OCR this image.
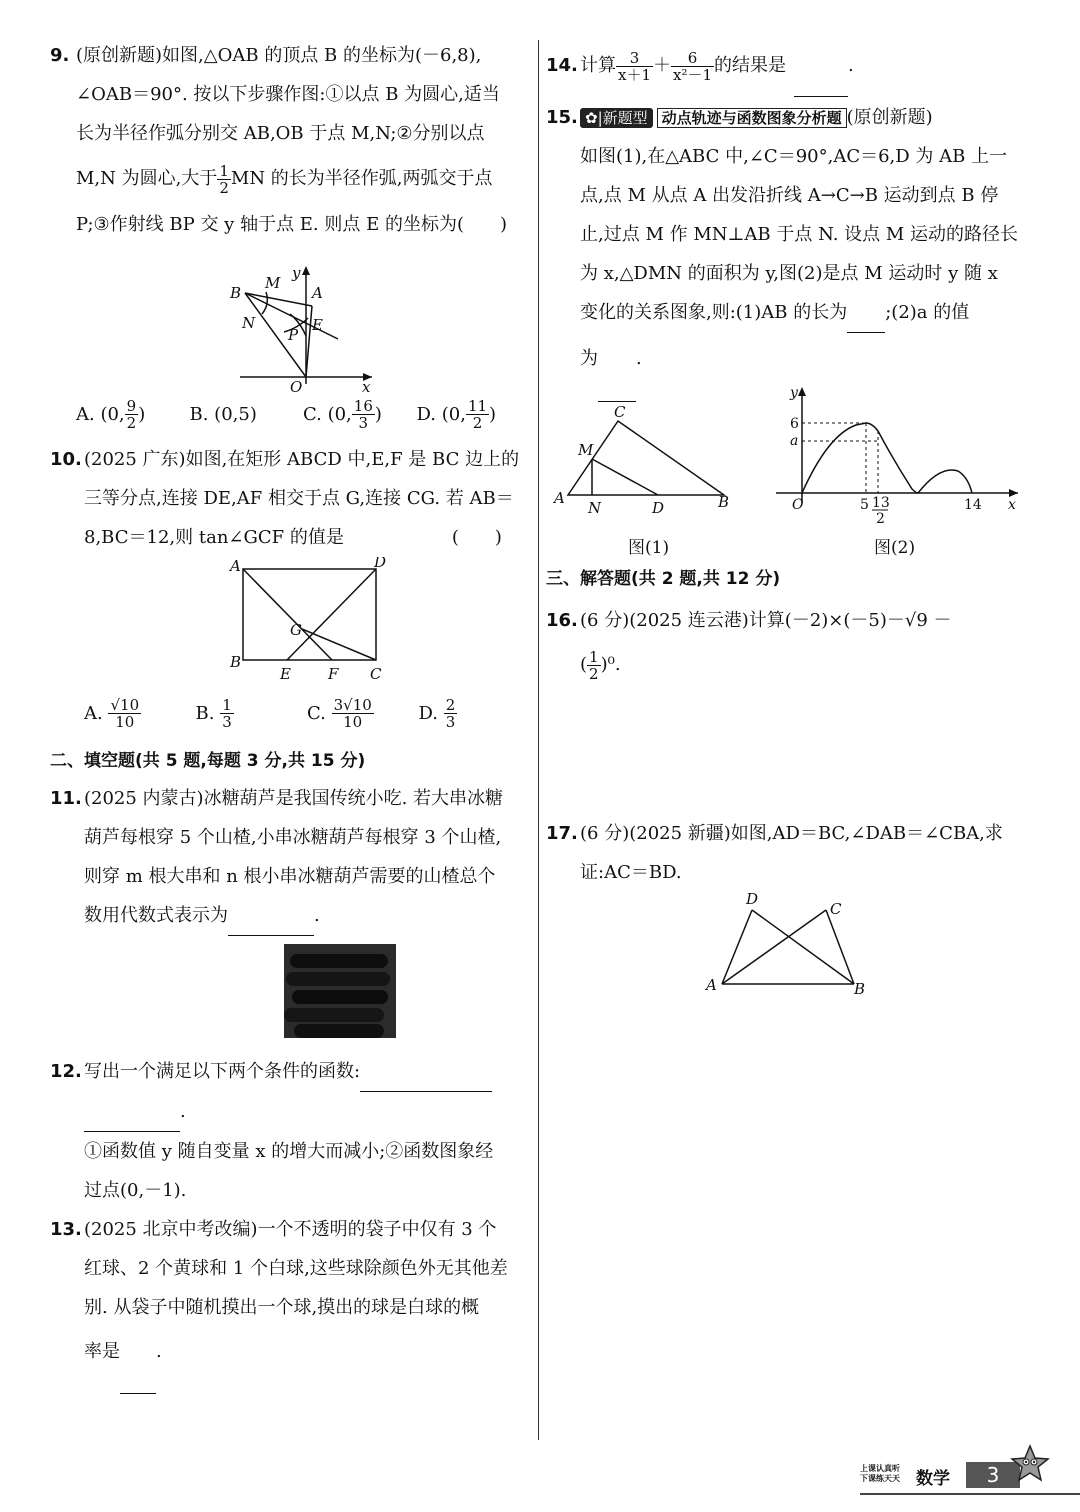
9. (原创新题)如图,△OAB 的顶点 B 的坐标为(－6,8),
∠OAB＝90°. 按以下步骤作图:①以点 B 为圆心,适当
长为半径作弧分别交 AB,OB 于点 M,N;②分别以点
M,N 为圆心,大于 $\frac{1}{2}$ MN 的长为半径作弧,两弧交于点
P;③作射线 BP 交 y 轴于点 E. 则点 E 的坐标为(　　)
B
M
y
A
N
P
E
O	x
A. (0, $\frac{9}{2}$ )	B. (0,5)	C. (0, $\frac{16}{3}$ )	D. (0, $\frac{11}{2}$ )
10. (2025 广东)如图,在矩形 ABCD 中,E,F 是 BC 边上的
三等分点,连接 DE,AF 相交于点 G,连接 CG. 若 AB＝
8,BC＝12,则 tan∠GCF 的值是　　　　　　(　　)
A	D
G
B
E F C
A. $\frac{√10}{10}$	B. $\frac{1}{3}$	C. $\frac{3√10}{10} D$. $\frac{2}{3}$
二、填空题(共 5 题,每题 3 分,共 15 分)
11. (2025 内蒙古)冰糖葫芦是我国传统小吃. 若大串冰糖
葫芦每根穿 5 个山楂,小串冰糖葫芦每根穿 3 个山楂,
则穿 m 根大串和 n 根小串冰糖葫芦需要的山楂总个
数用代数式表示为	.
12. 写出一个满足以下两个条件的函数:
.
①函数值 y 随自变量 x 的增大而减小;②函数图象经
过点(0,－1).
13. (2025 北京中考改编)一个不透明的袋子中仅有 3 个
红球、2 个黄球和 1 个白球,这些球除颜色外无其他差
别. 从袋子中随机摸出一个球,摸出的球是白球的概
率是 .
14. 计算 $\frac{3}{x+1} + \frac{6}{\text{x²－1}}$ 的结果是	.
15. ✿|新题型 动点轨迹与函数图象分析题 (原创新题)
如图(1),在△ABC 中,∠C＝90°,AC＝6,D 为 AB 上一
点,点 M 从点 A 出发沿折线 A→C→B 运动到点 B 停
止,过点 M 作 MN⊥AB 于点 N. 设点 M 运动的路径长
为 x,△DMN 的面积为 y,图(2)是点 M 运动时 y 随 x
变化的关系图象,则:(1)AB 的长为 ;(2)a 的值
为 .
C
M
A
N	D	B
y
6
a
O	5 13
2
14 x
图(1)	图(2)
三、解答题(共 2 题,共 12 分)
16. (6 分)(2025 连云港)计算(－2)×(－5)－√9 －
( $\frac{1}{2} )^0$.
17. (6 分)(2025 新疆)如图,AD＝BC,∠DAB＝∠CBA,求
证:AC＝BD.
D
C
A	B
上课认真听
下课练天天 数学	3
